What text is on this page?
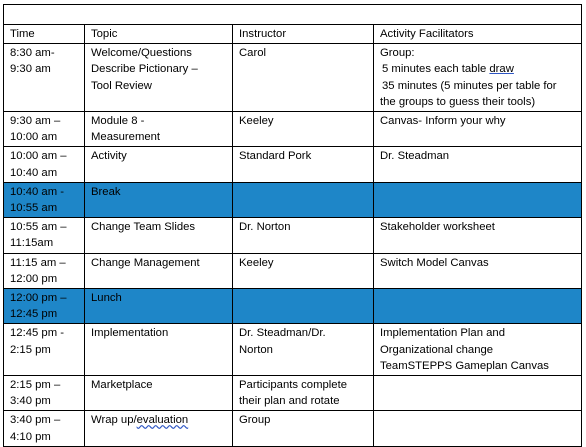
Time	Topic	Instructor	Activity Facilitators

8:30 am-
9:30 am	Welcome/Questions
Describe Pictionary –
Tool Review	Carol	Group:
5 minutes each table draw
35 minutes (5 minutes per table for
the groups to guess their tools)

9:30 am –
10:00 am	Module 8 -
Measurement	Keeley	Canvas- Inform your why

10:00 am –
10:40 am	Activity	Standard Pork	Dr. Steadman

10:40 am -
10:55 am	Break		

10:55 am –
11:15am	Change Team Slides	Dr. Norton	Stakeholder worksheet

11:15 am –
12:00 pm	Change Management	Keeley	Switch Model Canvas

12:00 pm –
12:45 pm	Lunch		

12:45 pm -
2:15 pm	Implementation	Dr. Steadman/Dr.
Norton	Implementation Plan and
Organizational change
TeamSTEPPS Gameplan Canvas

2:15 pm –
3:40 pm	Marketplace	Participants complete
their plan and rotate	

3:40 pm –
4:10 pm	Wrap up/evaluation	Group	
